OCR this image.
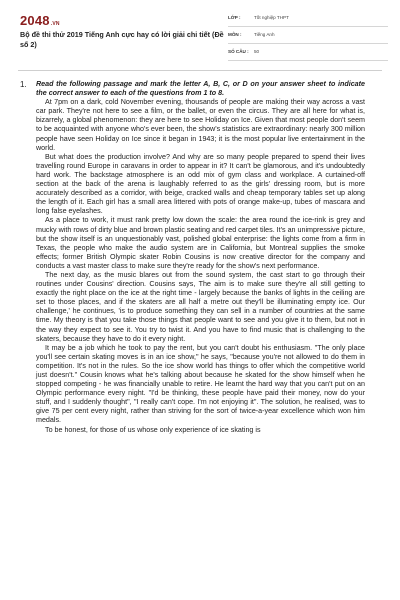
2048.VN
Bộ đề thi thử 2019 Tiếng Anh cực hay có lời giải chi tiết (Đề số 2)
LỚP :	Tốt nghiệp THPT
MÔN :	Tiếng Anh
SỐ CÂU : 50
1. Read the following passage and mark the letter A, B, C, or D on your answer sheet to indicate the correct answer to each of the questions from 1 to 8.

At 7pm on a dark, cold November evening, thousands of people are making their way across a vast car park. They're not here to see a film, or the ballet, or even the circus. They are all here for what is, bizarrely, a global phenomenon: they are here to see Holiday on Ice. Given that most people don't seem to be acquainted with anyone who's ever been, the show's statistics are extraordinary: nearly 300 million people have seen Holiday on Ice since it began in 1943; it is the most popular live entertainment in the world.

But what does the production involve? And why are so many people prepared to spend their lives travelling round Europe in caravans in order to appear in it? It can't be glamorous, and it's undoubtedly hard work. The backstage atmosphere is an odd mix of gym class and workplace. A curtained-off section at the back of the arena is laughably referred to as the girls' dressing room, but is more accurately described as a corridor, with beige, cracked walls and cheap temporary tables set up along the length of it. Each girl has a small area littered with pots of orange make-up, tubes of mascara and long false eyelashes.

As a place to work, it must rank pretty low down the scale: the area round the ice-rink is grey and mucky with rows of dirty blue and brown plastic seating and red carpet tiles. It's an unimpressive picture, but the show itself is an unquestionably vast, polished global enterprise: the lights come from a firm in Texas, the people who make the audio system are in California, but Montreal supplies the smoke effects; former British Olympic skater Robin Cousins is now creative director for the company and conducts a vast master class to make sure they're ready for the show's next performance.

The next day, as the music blares out from the sound system, the cast start to go through their routines under Cousins' direction. Cousins says, The aim is to make sure they're all still getting to exactly the right place on the ice at the right time - largely because the banks of lights in the ceiling are set to those places, and if the skaters are all half a metre out they'll be illuminating empty ice. Our challenge,' he continues, 'is to produce something they can sell in a number of countries at the same time. My theory is that you take those things that people want to see and you give it to them, but not in the way they expect to see it. You try to twist it. And you have to find music that is challenging to the skaters, because they have to do it every night.

It may be a job which he took to pay the rent, but you can't doubt his enthusiasm. "The only place you'll see certain skating moves is in an ice show," he says, "because you're not allowed to do them in competition. It's not in the rules. So the ice show world has things to offer which the competitive world just doesn't." Cousin knows what he's talking about because he skated for the show himself when he stopped competing - he was financially unable to retire. He learnt the hard way that you can't put on an Olympic performance every night. "I'd be thinking, these people have paid their money, now do your stuff, and I suddenly thought", "I really can't cope. I'm not enjoying it". The solution, he realised, was to give 75 per cent every night, rather than striving for the sort of twice-a-year excellence which won him medals.

To be honest, for those of us whose only experience of ice skating is
